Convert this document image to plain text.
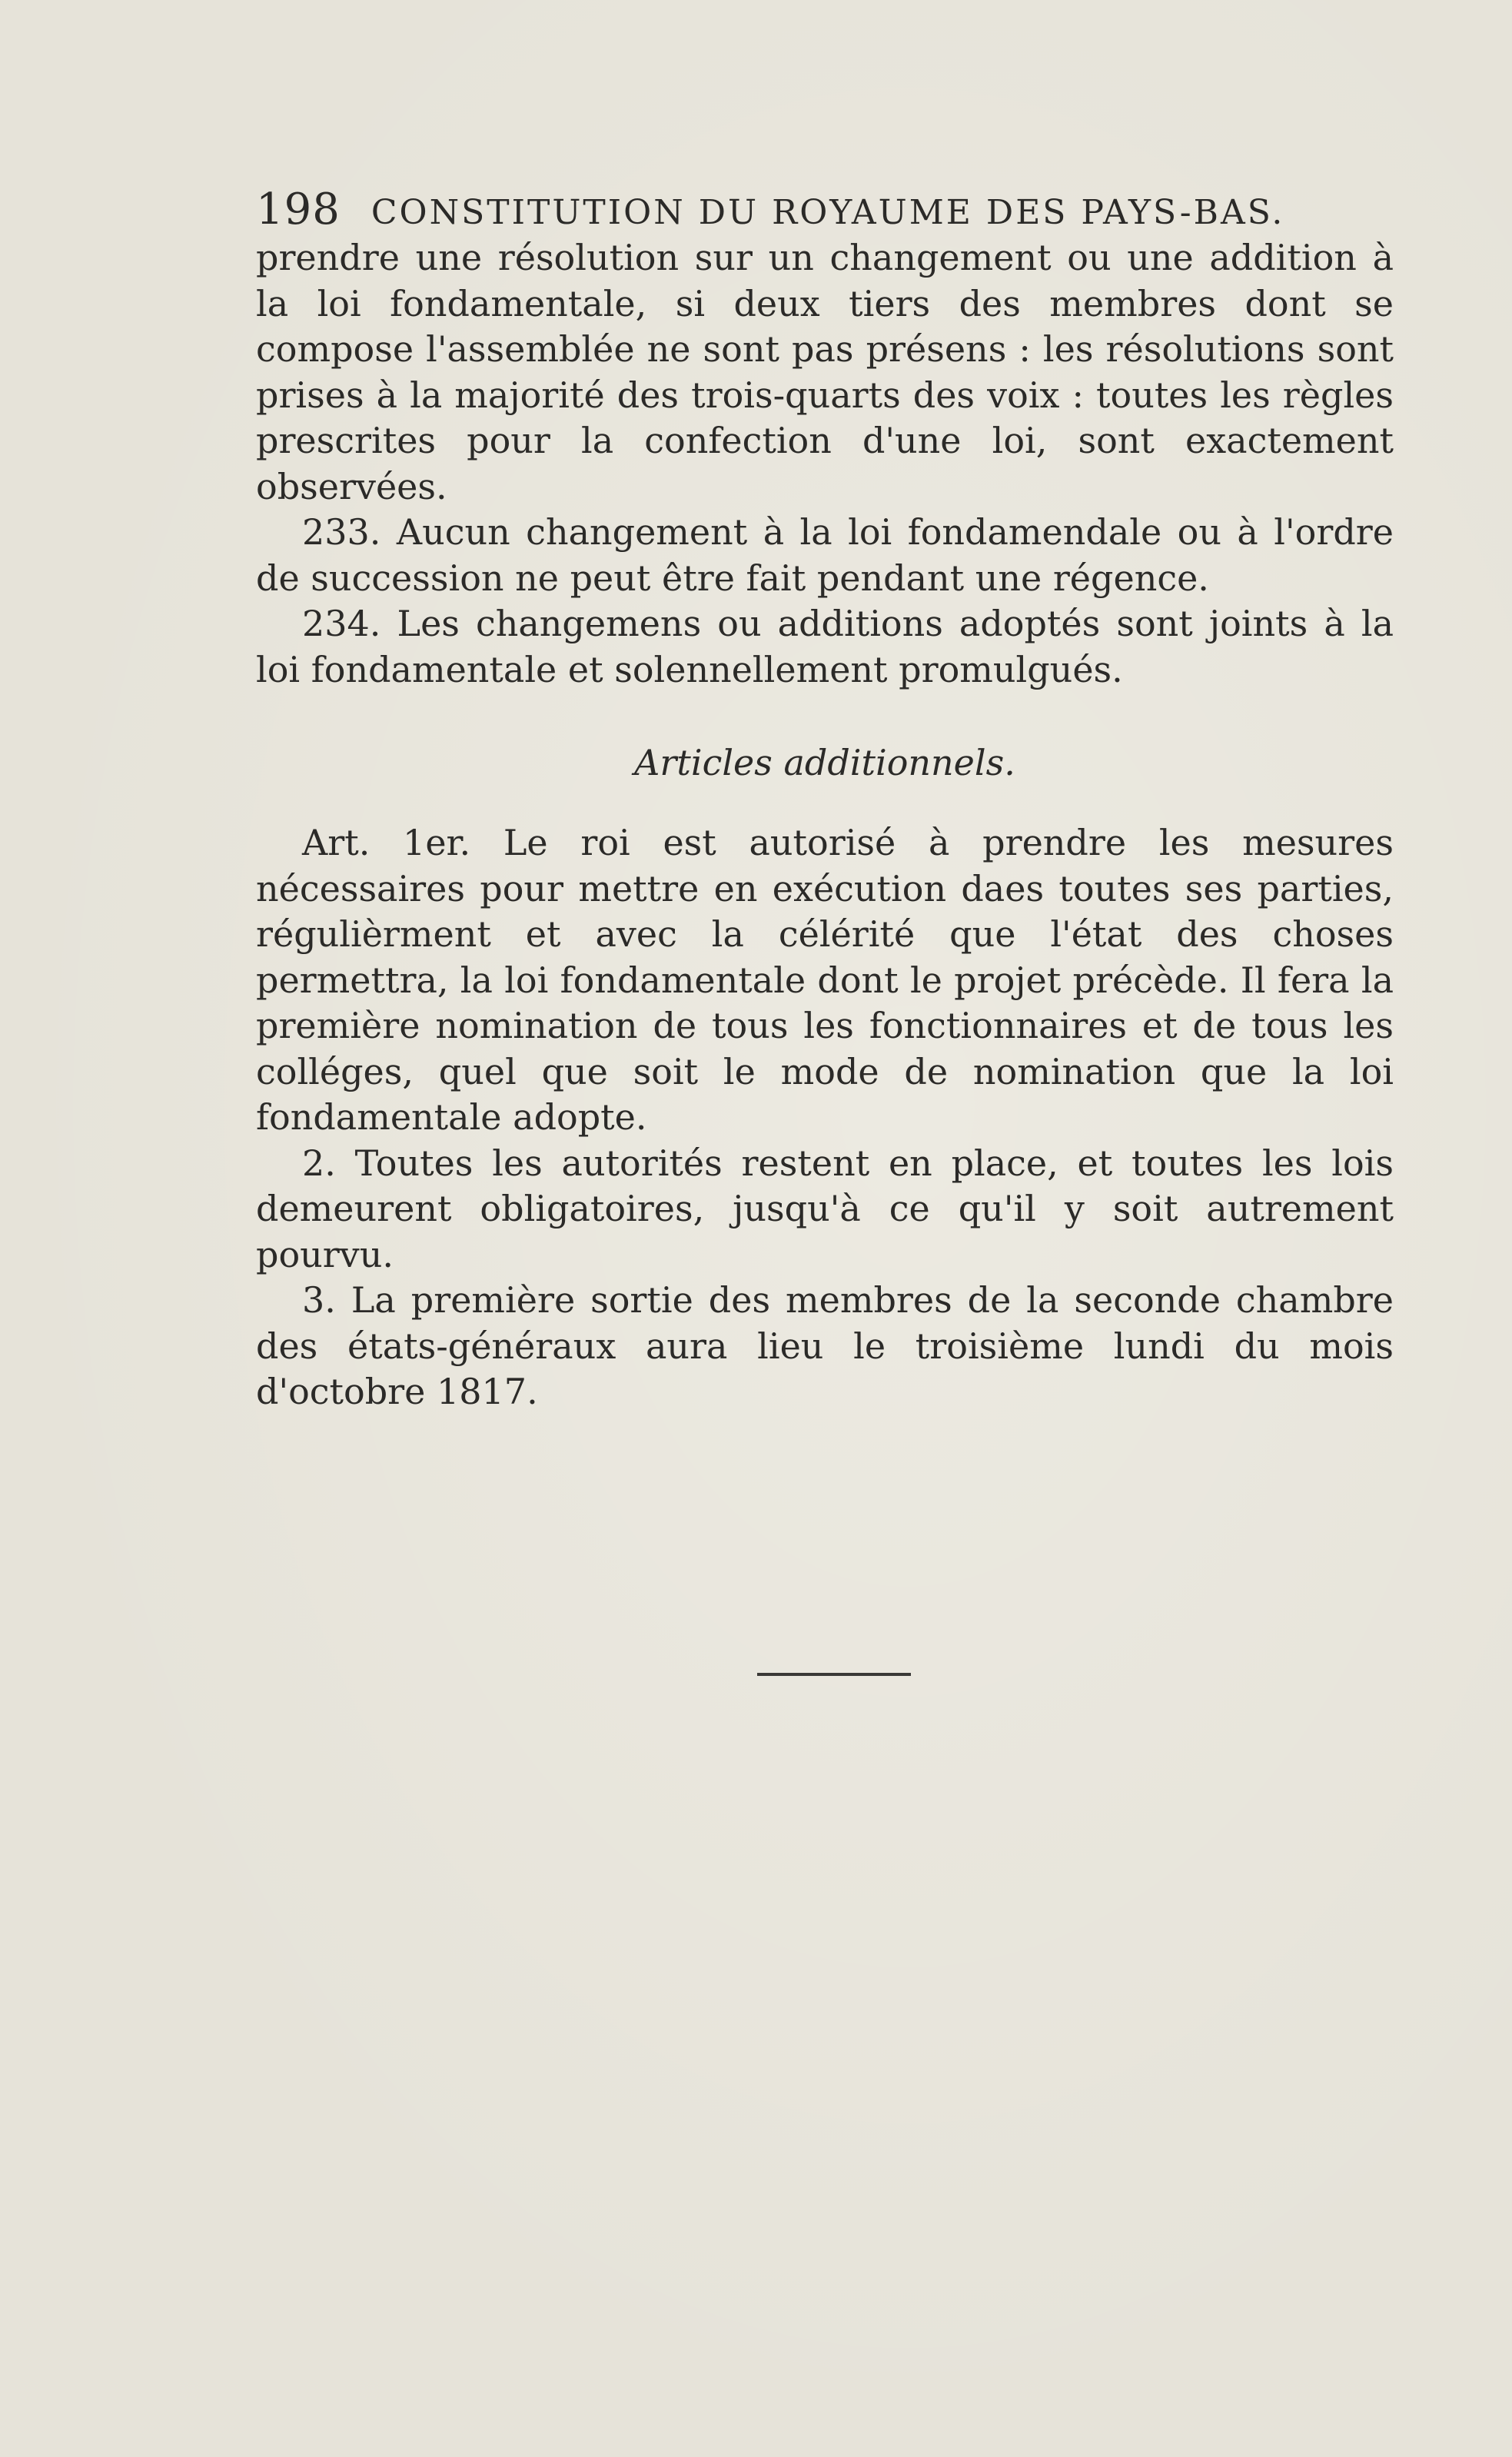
198 CONSTITUTION DU ROYAUME DES PAYS-BAS.

prendre une résolution sur un changement ou une addition à la loi fondamentale, si deux tiers des membres dont se compose l'assemblée ne sont pas présens : les résolutions sont prises à la majorité des trois-quarts des voix : toutes les règles prescrites pour la confection d'une loi, sont exactement observées.

233. Aucun changement à la loi fondamendale ou à l'ordre de succession ne peut être fait pendant une régence.

234. Les changemens ou additions adoptés sont joints à la loi fondamentale et solennellement promulgués.

Articles additionnels.

Art. 1er. Le roi est autorisé à prendre les mesures nécessaires pour mettre en exécution daes toutes ses parties, régulièrment et avec la célérité que l'état des choses permettra, la loi fondamentale dont le projet précède. Il fera la première nomination de tous les fonctionnaires et de tous les colléges, quel que soit le mode de nomination que la loi fondamentale adopte.

2. Toutes les autorités restent en place, et toutes les lois demeurent obligatoires, jusqu'à ce qu'il y soit autrement pourvu.

3. La première sortie des membres de la seconde chambre des états-généraux aura lieu le troisième lundi du mois d'octobre 1817.
